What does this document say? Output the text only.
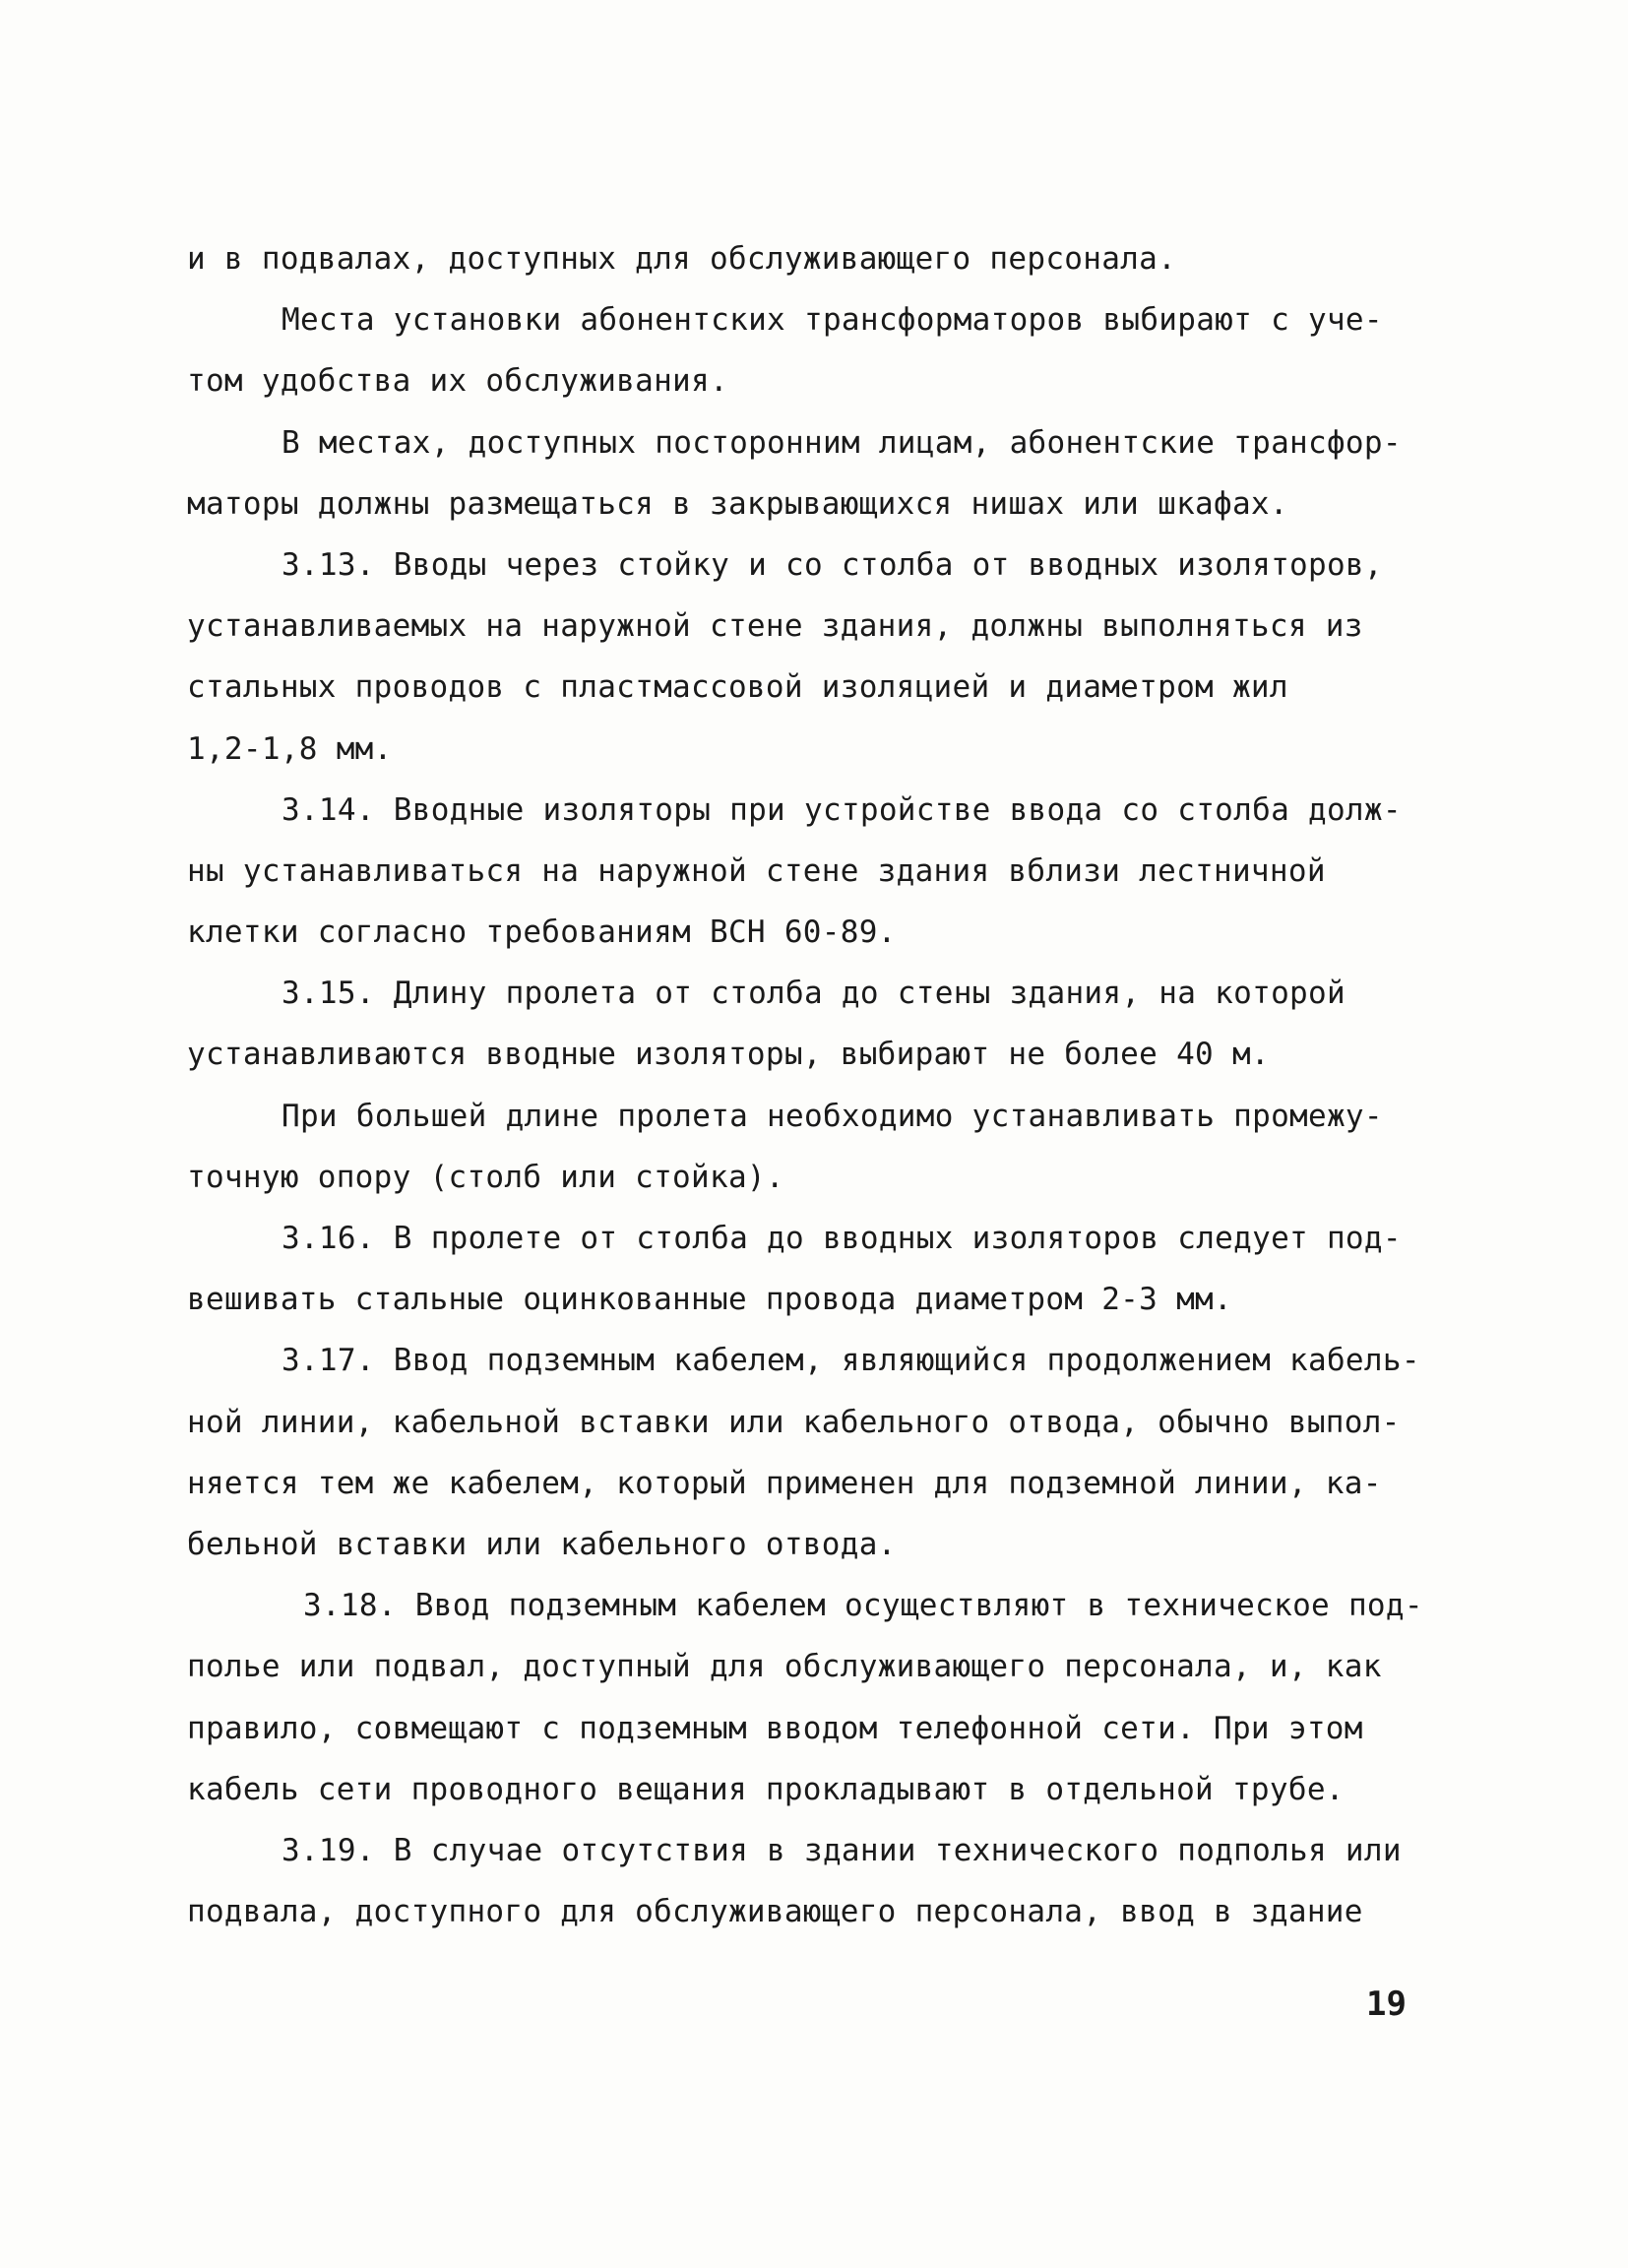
и в подвалах, доступных для обслуживающего персонала.
Места установки абонентских трансформаторов выбирают с уче-
том удобства их обслуживания.
В местах, доступных посторонним лицам, абонентские трансфор-
маторы должны размещаться в закрывающихся нишах или шкафах.
3.13. Вводы через стойку и со столба от вводных изоляторов,
устанавливаемых на наружной стене здания, должны выполняться из
стальных проводов с пластмассовой изоляцией и диаметром жил
1,2-1,8 мм.
3.14. Вводные изоляторы при устройстве ввода со столба долж-
ны устанавливаться на наружной стене здания вблизи лестничной
клетки согласно требованиям ВСН 60-89.
3.15. Длину пролета от столба до стены здания, на которой
устанавливаются вводные изоляторы, выбирают не более 40 м.
При большей длине пролета необходимо устанавливать промежу-
точную опору (столб или стойка).
3.16. В пролете от столба до вводных изоляторов следует под-
вешивать стальные оцинкованные провода диаметром 2-3 мм.
3.17. Ввод подземным кабелем, являющийся продолжением кабель-
ной линии, кабельной вставки или кабельного отвода, обычно выпол-
няется тем же кабелем, который применен для подземной линии, ка-
бельной вставки или кабельного отвода.
3.18. Ввод подземным кабелем осуществляют в техническое под-
полье или подвал, доступный для обслуживающего персонала, и, как
правило, совмещают с подземным вводом телефонной сети. При этом
кабель сети проводного вещания прокладывают в отдельной трубе.
3.19. В случае отсутствия в здании технического подполья или
подвала, доступного для обслуживающего персонала, ввод в здание
19
